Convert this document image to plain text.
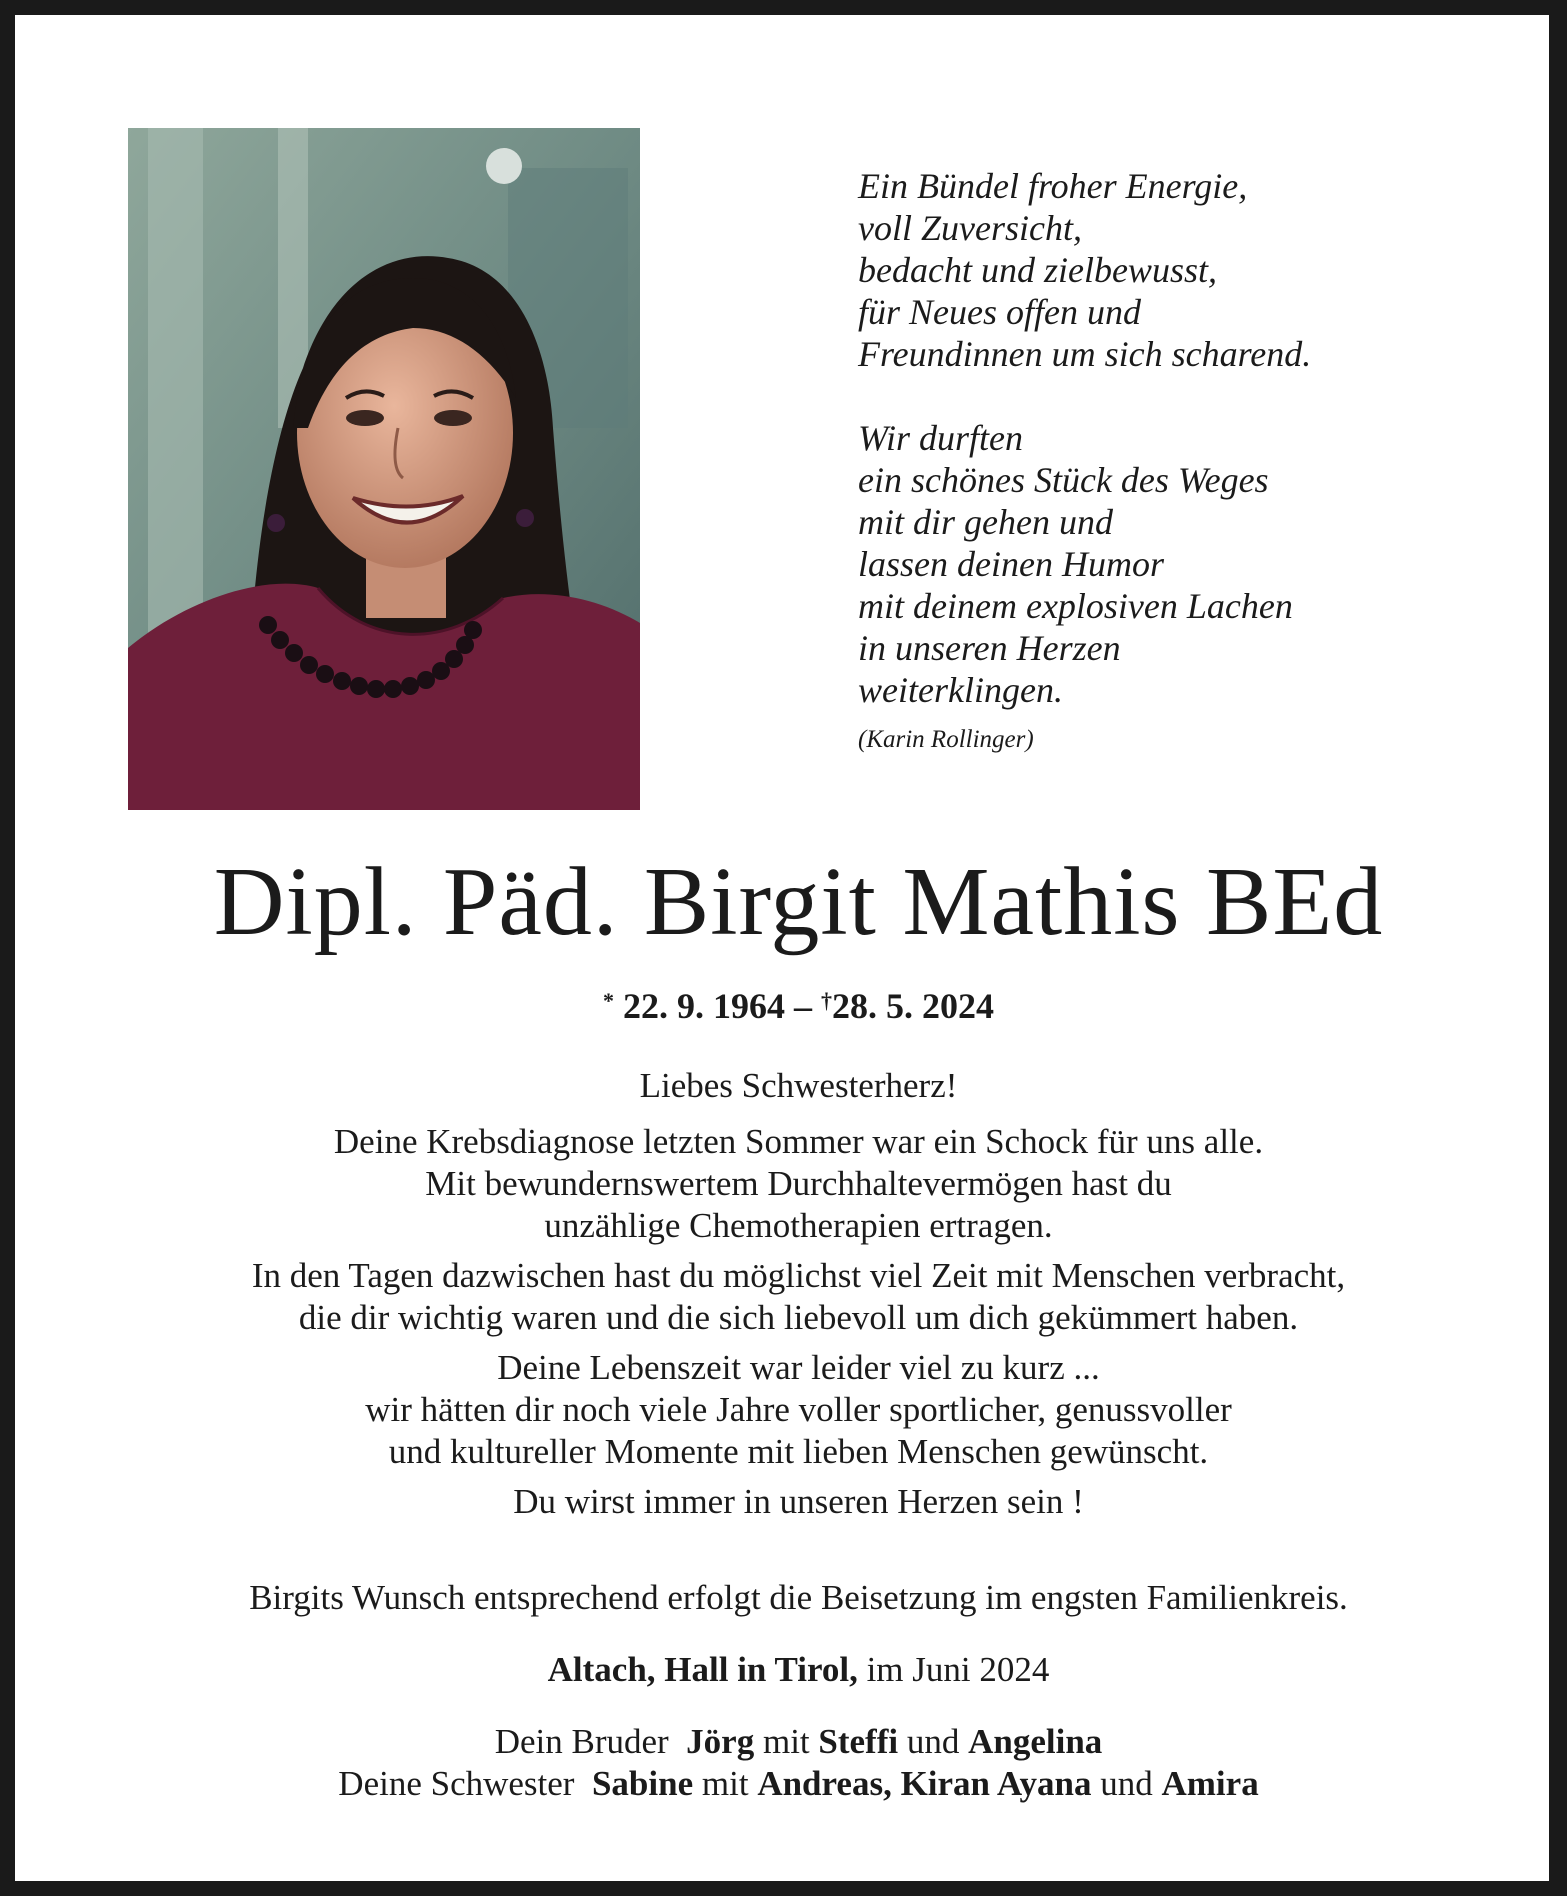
Ein Bündel froher Energie,
voll Zuversicht,
bedacht und zielbewusst,
für Neues offen und
Freundinnen um sich scharend.
Wir durften
ein schönes Stück des Weges
mit dir gehen und
lassen deinen Humor
mit deinem explosiven Lachen
in unseren Herzen
weiterklingen.
(Karin Rollinger)
Dipl. Päd. Birgit Mathis BEd
* 22. 9. 1964 – †28. 5. 2024
Liebes Schwesterherz!
Deine Krebsdiagnose letzten Sommer war ein Schock für uns alle.
Mit bewundernswertem Durchhaltevermögen hast du
unzählige Chemotherapien ertragen.
In den Tagen dazwischen hast du möglichst viel Zeit mit Menschen verbracht,
die dir wichtig waren und die sich liebevoll um dich gekümmert haben.
Deine Lebenszeit war leider viel zu kurz ...
wir hätten dir noch viele Jahre voller sportlicher, genussvoller
und kultureller Momente mit lieben Menschen gewünscht.
Du wirst immer in unseren Herzen sein !
Birgits Wunsch entsprechend erfolgt die Beisetzung im engsten Familienkreis.
Altach, Hall in Tirol, im Juni 2024
Dein Bruder Jörg mit Steffi und Angelina
Deine Schwester Sabine mit Andreas, Kiran Ayana und Amira
